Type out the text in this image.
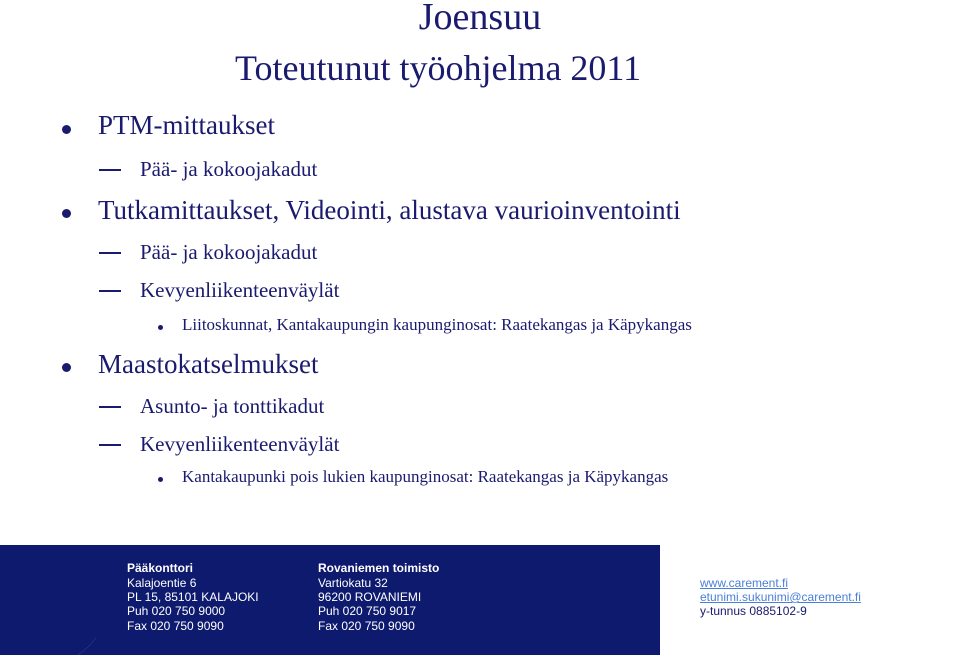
Joensuu
Toteutunut työohjelma 2011
PTM-mittaukset
Pää- ja kokoojakadut
Tutkamittaukset, Videointi, alustava vaurioinventointi
Pää- ja kokoojakadut
Kevyenliikenteenväylät
Liitoskunnat, Kantakaupungin kaupunginosat: Raatekangas ja Käpykangas
Maastokatselmukset
Asunto- ja tonttikadut
Kevyenliikenteenväylät
Kantakaupunki pois lukien kaupunginosat: Raatekangas ja Käpykangas
Pääkonttori
Kalajoentie 6
PL 15, 85101 KALAJOKI
Puh 020 750 9000
Fax 020 750 9090
Rovaniemen toimisto
Vartiokatu 32
96200 ROVANIEMI
Puh 020 750 9017
Fax 020 750 9090
www.carement.fi
etunimi.sukunimi@carement.fi
y-tunnus 0885102-9
